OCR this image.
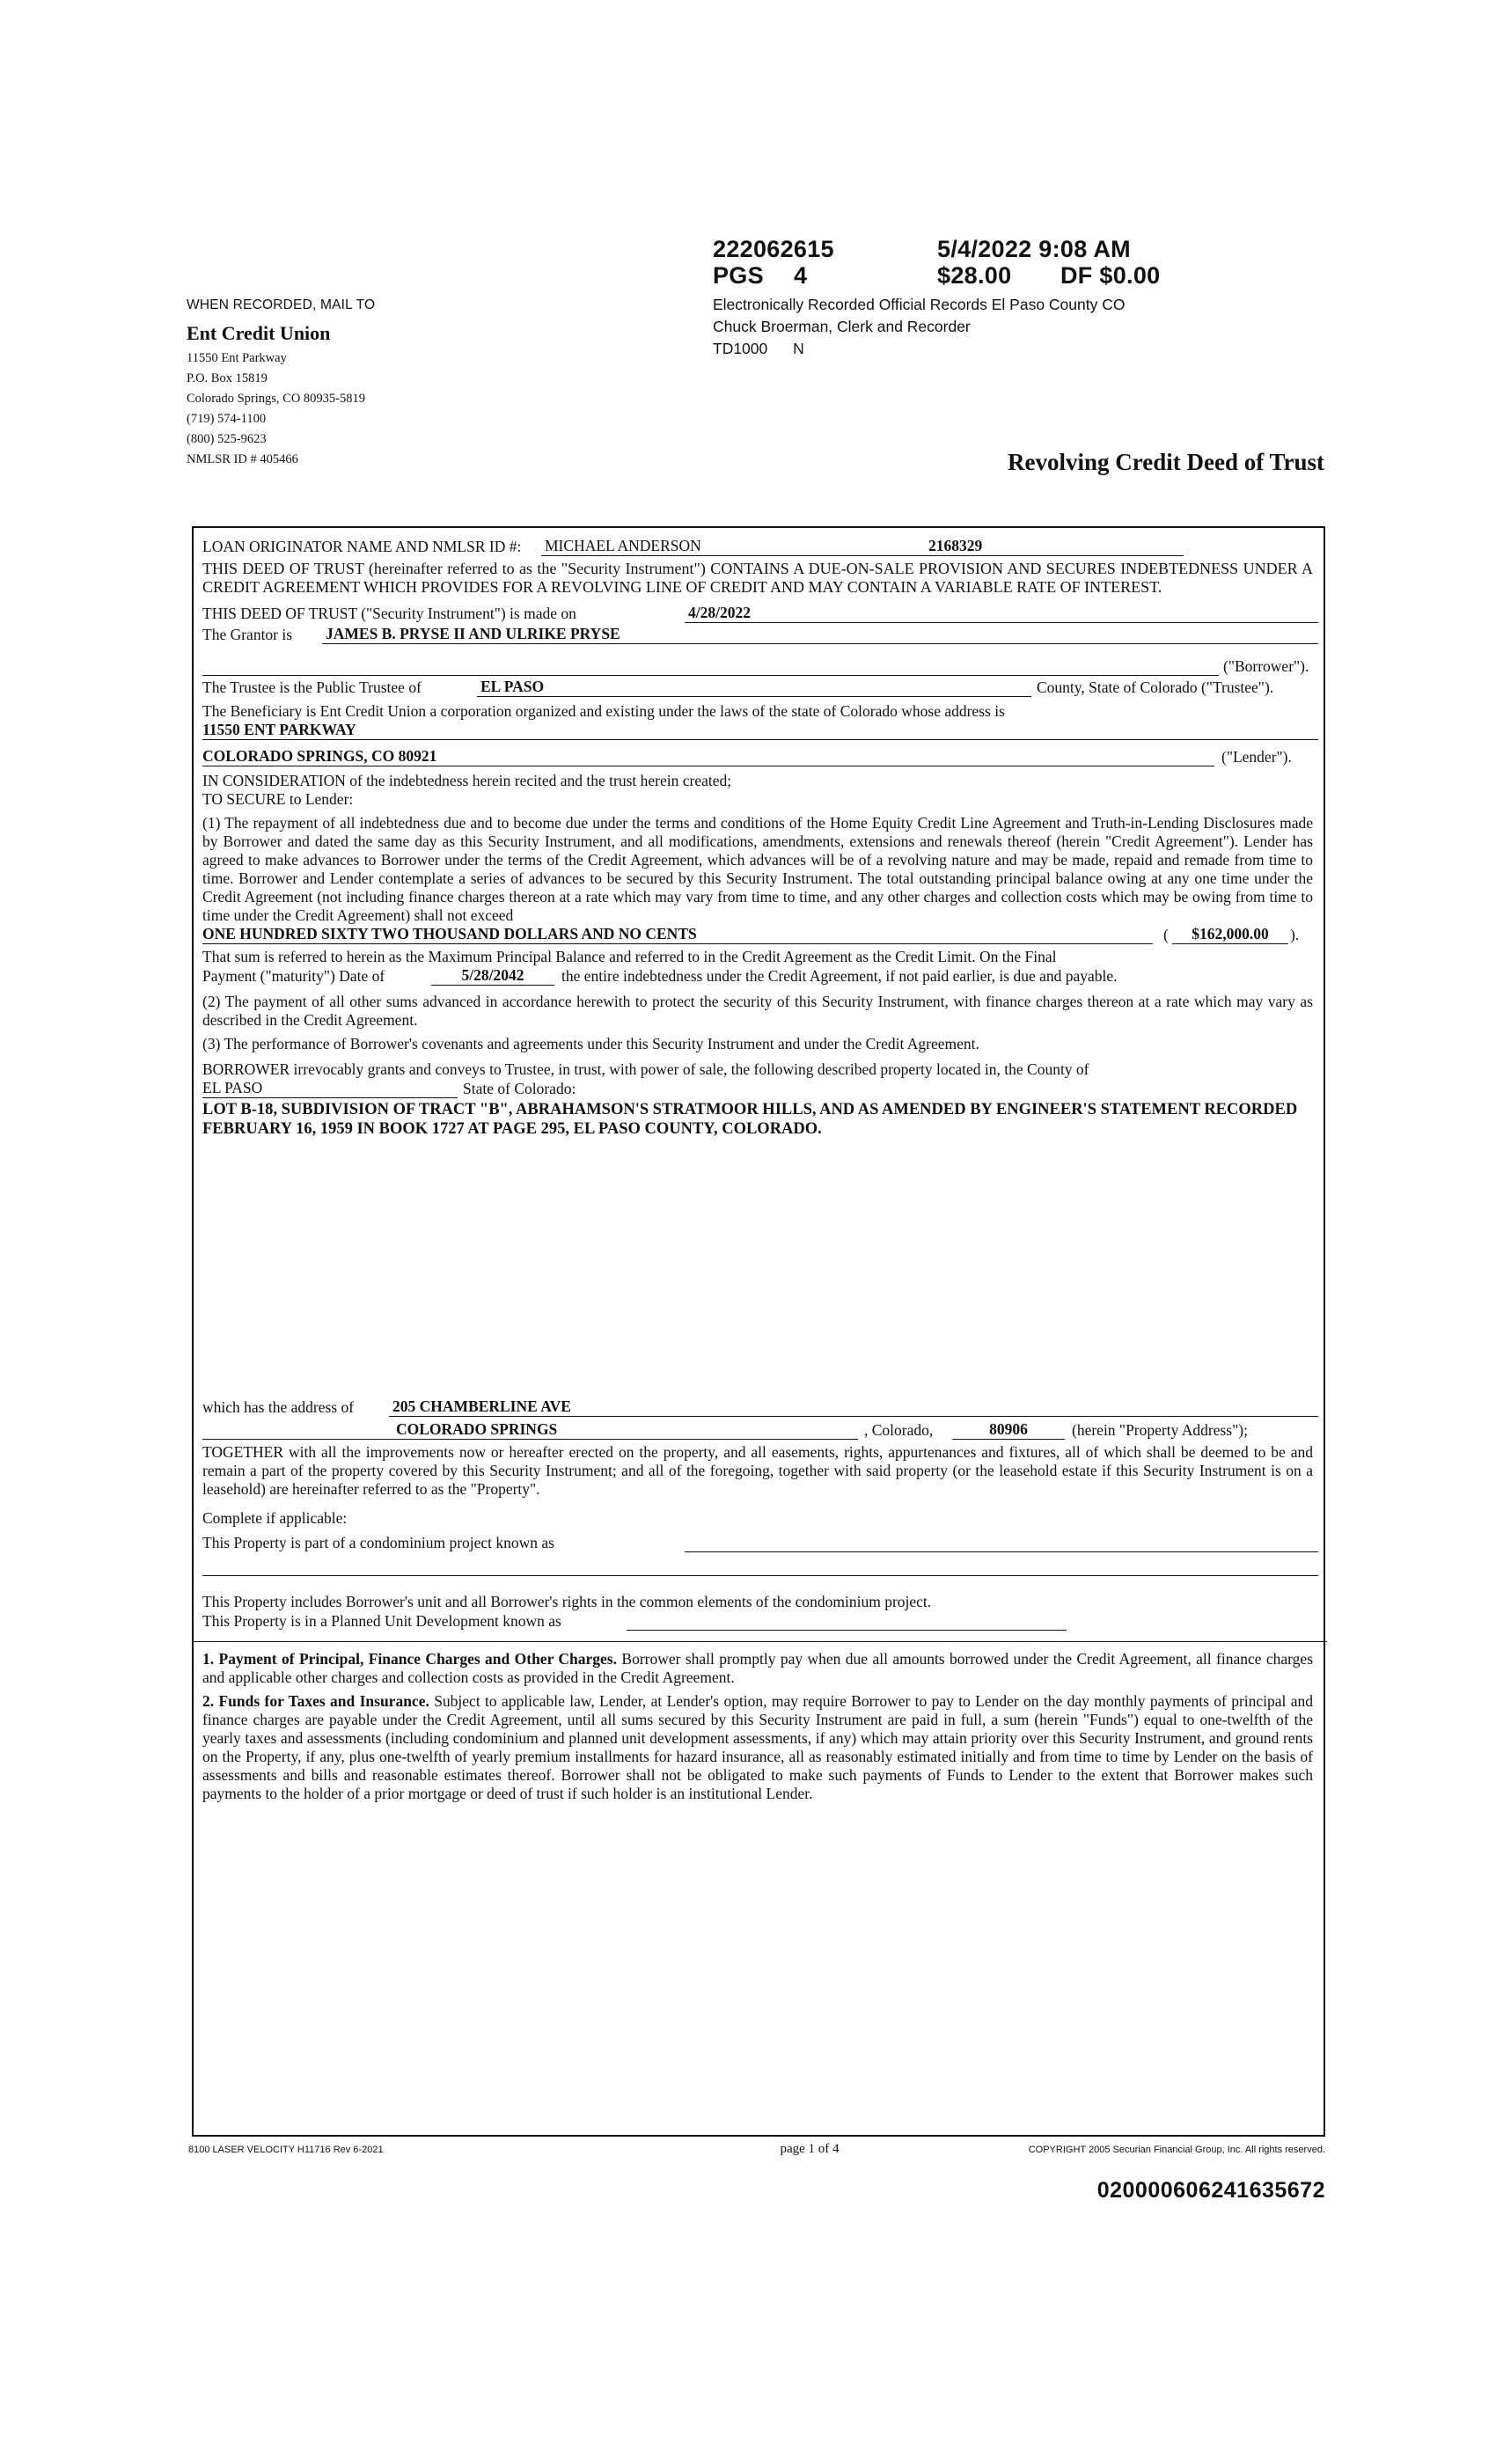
222062615	5/4/2022 9:08 AM
PGS 4	$28.00 DF $0.00
Electronically Recorded Official Records El Paso County CO
Chuck Broerman, Clerk and Recorder
TD1000 N
WHEN RECORDED, MAIL TO
Ent Credit Union
11550 Ent Parkway
P.O. Box 15819
Colorado Springs, CO 80935-5819
(719) 574-1100
(800) 525-9623
NMLSR ID # 405466	Revolving Credit Deed of Trust
LOAN ORIGINATOR NAME AND NMLSR ID #: MICHAEL ANDERSON	2168329
THIS DEED OF TRUST (hereinafter referred to as the "Security Instrument") CONTAINS A DUE-ON-SALE PROVISION AND SECURES INDEBTEDNESS UNDER A CREDIT AGREEMENT WHICH PROVIDES FOR A REVOLVING LINE OF CREDIT AND MAY CONTAIN A VARIABLE RATE OF INTEREST.
THIS DEED OF TRUST ("Security Instrument") is made on	4/28/2022
The Grantor is JAMES B. PRYSE II AND ULRIKE PRYSE
("Borrower").
The Trustee is the Public Trustee of	EL PASO	County, State of Colorado ("Trustee").
The Beneficiary is Ent Credit Union a corporation organized and existing under the laws of the state of Colorado whose address is
11550 ENT PARKWAY
COLORADO SPRINGS, CO 80921	("Lender").
IN CONSIDERATION of the indebtedness herein recited and the trust herein created;
TO SECURE to Lender:
(1) The repayment of all indebtedness due and to become due under the terms and conditions of the Home Equity Credit Line Agreement and Truth-in-Lending Disclosures made by Borrower and dated the same day as this Security Instrument, and all modifications, amendments, extensions and renewals thereof (herein "Credit Agreement"). Lender has agreed to make advances to Borrower under the terms of the Credit Agreement, which advances will be of a revolving nature and may be made, repaid and remade from time to time. Borrower and Lender contemplate a series of advances to be secured by this Security Instrument. The total outstanding principal balance owing at any one time under the Credit Agreement (not including finance charges thereon at a rate which may vary from time to time, and any other charges and collection costs which may be owing from time to time under the Credit Agreement) shall not exceed
ONE HUNDRED SIXTY TWO THOUSAND DOLLARS AND NO CENTS	(	$162,000.00	).
That sum is referred to herein as the Maximum Principal Balance and referred to in the Credit Agreement as the Credit Limit. On the Final
Payment ("maturity") Date of	5/28/2042	the entire indebtedness under the Credit Agreement, if not paid earlier, is due and payable.
(2) The payment of all other sums advanced in accordance herewith to protect the security of this Security Instrument, with finance charges thereon at a rate which may vary as described in the Credit Agreement.
(3) The performance of Borrower's covenants and agreements under this Security Instrument and under the Credit Agreement.
BORROWER irrevocably grants and conveys to Trustee, in trust, with power of sale, the following described property located in, the County of
EL PASO	State of Colorado:
LOT B-18, SUBDIVISION OF TRACT "B", ABRAHAMSON'S STRATMOOR HILLS, AND AS AMENDED BY ENGINEER'S STATEMENT RECORDED FEBRUARY 16, 1959 IN BOOK 1727 AT PAGE 295, EL PASO COUNTY, COLORADO.
which has the address of	205 CHAMBERLINE AVE
COLORADO SPRINGS	, Colorado,	80906	(herein "Property Address");
TOGETHER with all the improvements now or hereafter erected on the property, and all easements, rights, appurtenances and fixtures, all of which shall be deemed to be and remain a part of the property covered by this Security Instrument; and all of the foregoing, together with said property (or the leasehold estate if this Security Instrument is on a leasehold) are hereinafter referred to as the "Property".
Complete if applicable:
This Property is part of a condominium project known as
This Property includes Borrower's unit and all Borrower's rights in the common elements of the condominium project.
This Property is in a Planned Unit Development known as
1. Payment of Principal, Finance Charges and Other Charges. Borrower shall promptly pay when due all amounts borrowed under the Credit Agreement, all finance charges and applicable other charges and collection costs as provided in the Credit Agreement.
2. Funds for Taxes and Insurance. Subject to applicable law, Lender, at Lender's option, may require Borrower to pay to Lender on the day monthly payments of principal and finance charges are payable under the Credit Agreement, until all sums secured by this Security Instrument are paid in full, a sum (herein "Funds") equal to one-twelfth of the yearly taxes and assessments (including condominium and planned unit development assessments, if any) which may attain priority over this Security Instrument, and ground rents on the Property, if any, plus one-twelfth of yearly premium installments for hazard insurance, all as reasonably estimated initially and from time to time by Lender on the basis of assessments and bills and reasonable estimates thereof. Borrower shall not be obligated to make such payments of Funds to Lender to the extent that Borrower makes such payments to the holder of a prior mortgage or deed of trust if such holder is an institutional Lender.
8100 LASER VELOCITY H11716 Rev 6-2021	page 1 of 4	COPYRIGHT 2005 Securian Financial Group, Inc. All rights reserved.
020000606241635672
